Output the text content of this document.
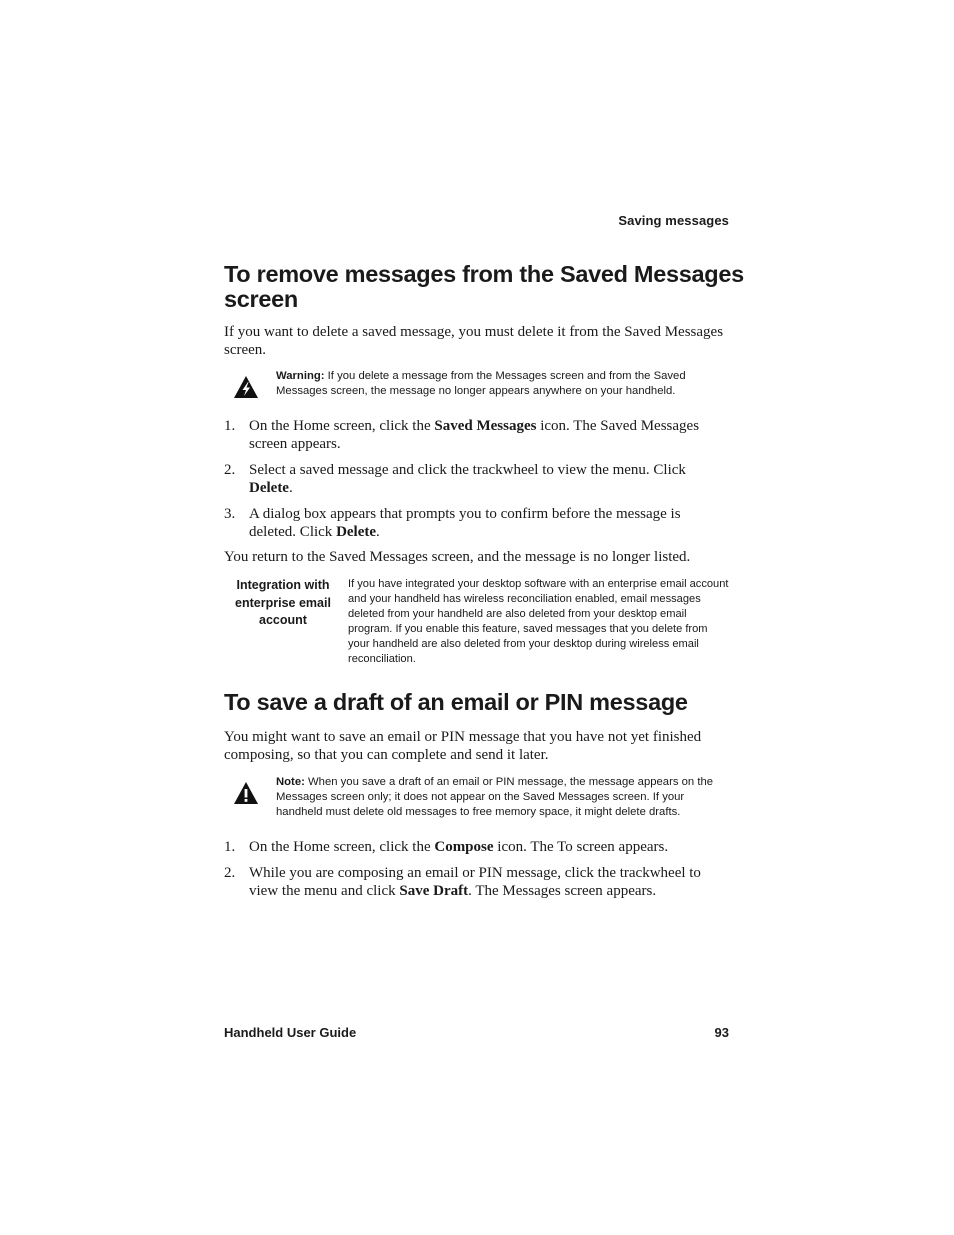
Saving messages
To remove messages from the Saved Messages screen

If you want to delete a saved message, you must delete it from the Saved Messages screen.

Warning: If you delete a message from the Messages screen and from the Saved Messages screen, the message no longer appears anywhere on your handheld.
1. On the Home screen, click the Saved Messages icon. The Saved Messages screen appears.
2. Select a saved message and click the trackwheel to view the menu. Click Delete.
3. A dialog box appears that prompts you to confirm before the message is deleted. Click Delete.

You return to the Saved Messages screen, and the message is no longer listed.

Integration with enterprise email account
If you have integrated your desktop software with an enterprise email account and your handheld has wireless reconciliation enabled, email messages deleted from your handheld are also deleted from your desktop email program. If you enable this feature, saved messages that you delete from your handheld are also deleted from your desktop during wireless email reconciliation.
To save a draft of an email or PIN message

You might want to save an email or PIN message that you have not yet finished composing, so that you can complete and send it later.

Note: When you save a draft of an email or PIN message, the message appears on the Messages screen only; it does not appear on the Saved Messages screen. If your handheld must delete old messages to free memory space, it might delete drafts.
1. On the Home screen, click the Compose icon. The To screen appears.
2. While you are composing an email or PIN message, click the trackwheel to view the menu and click Save Draft. The Messages screen appears.
Handheld User Guide	93
